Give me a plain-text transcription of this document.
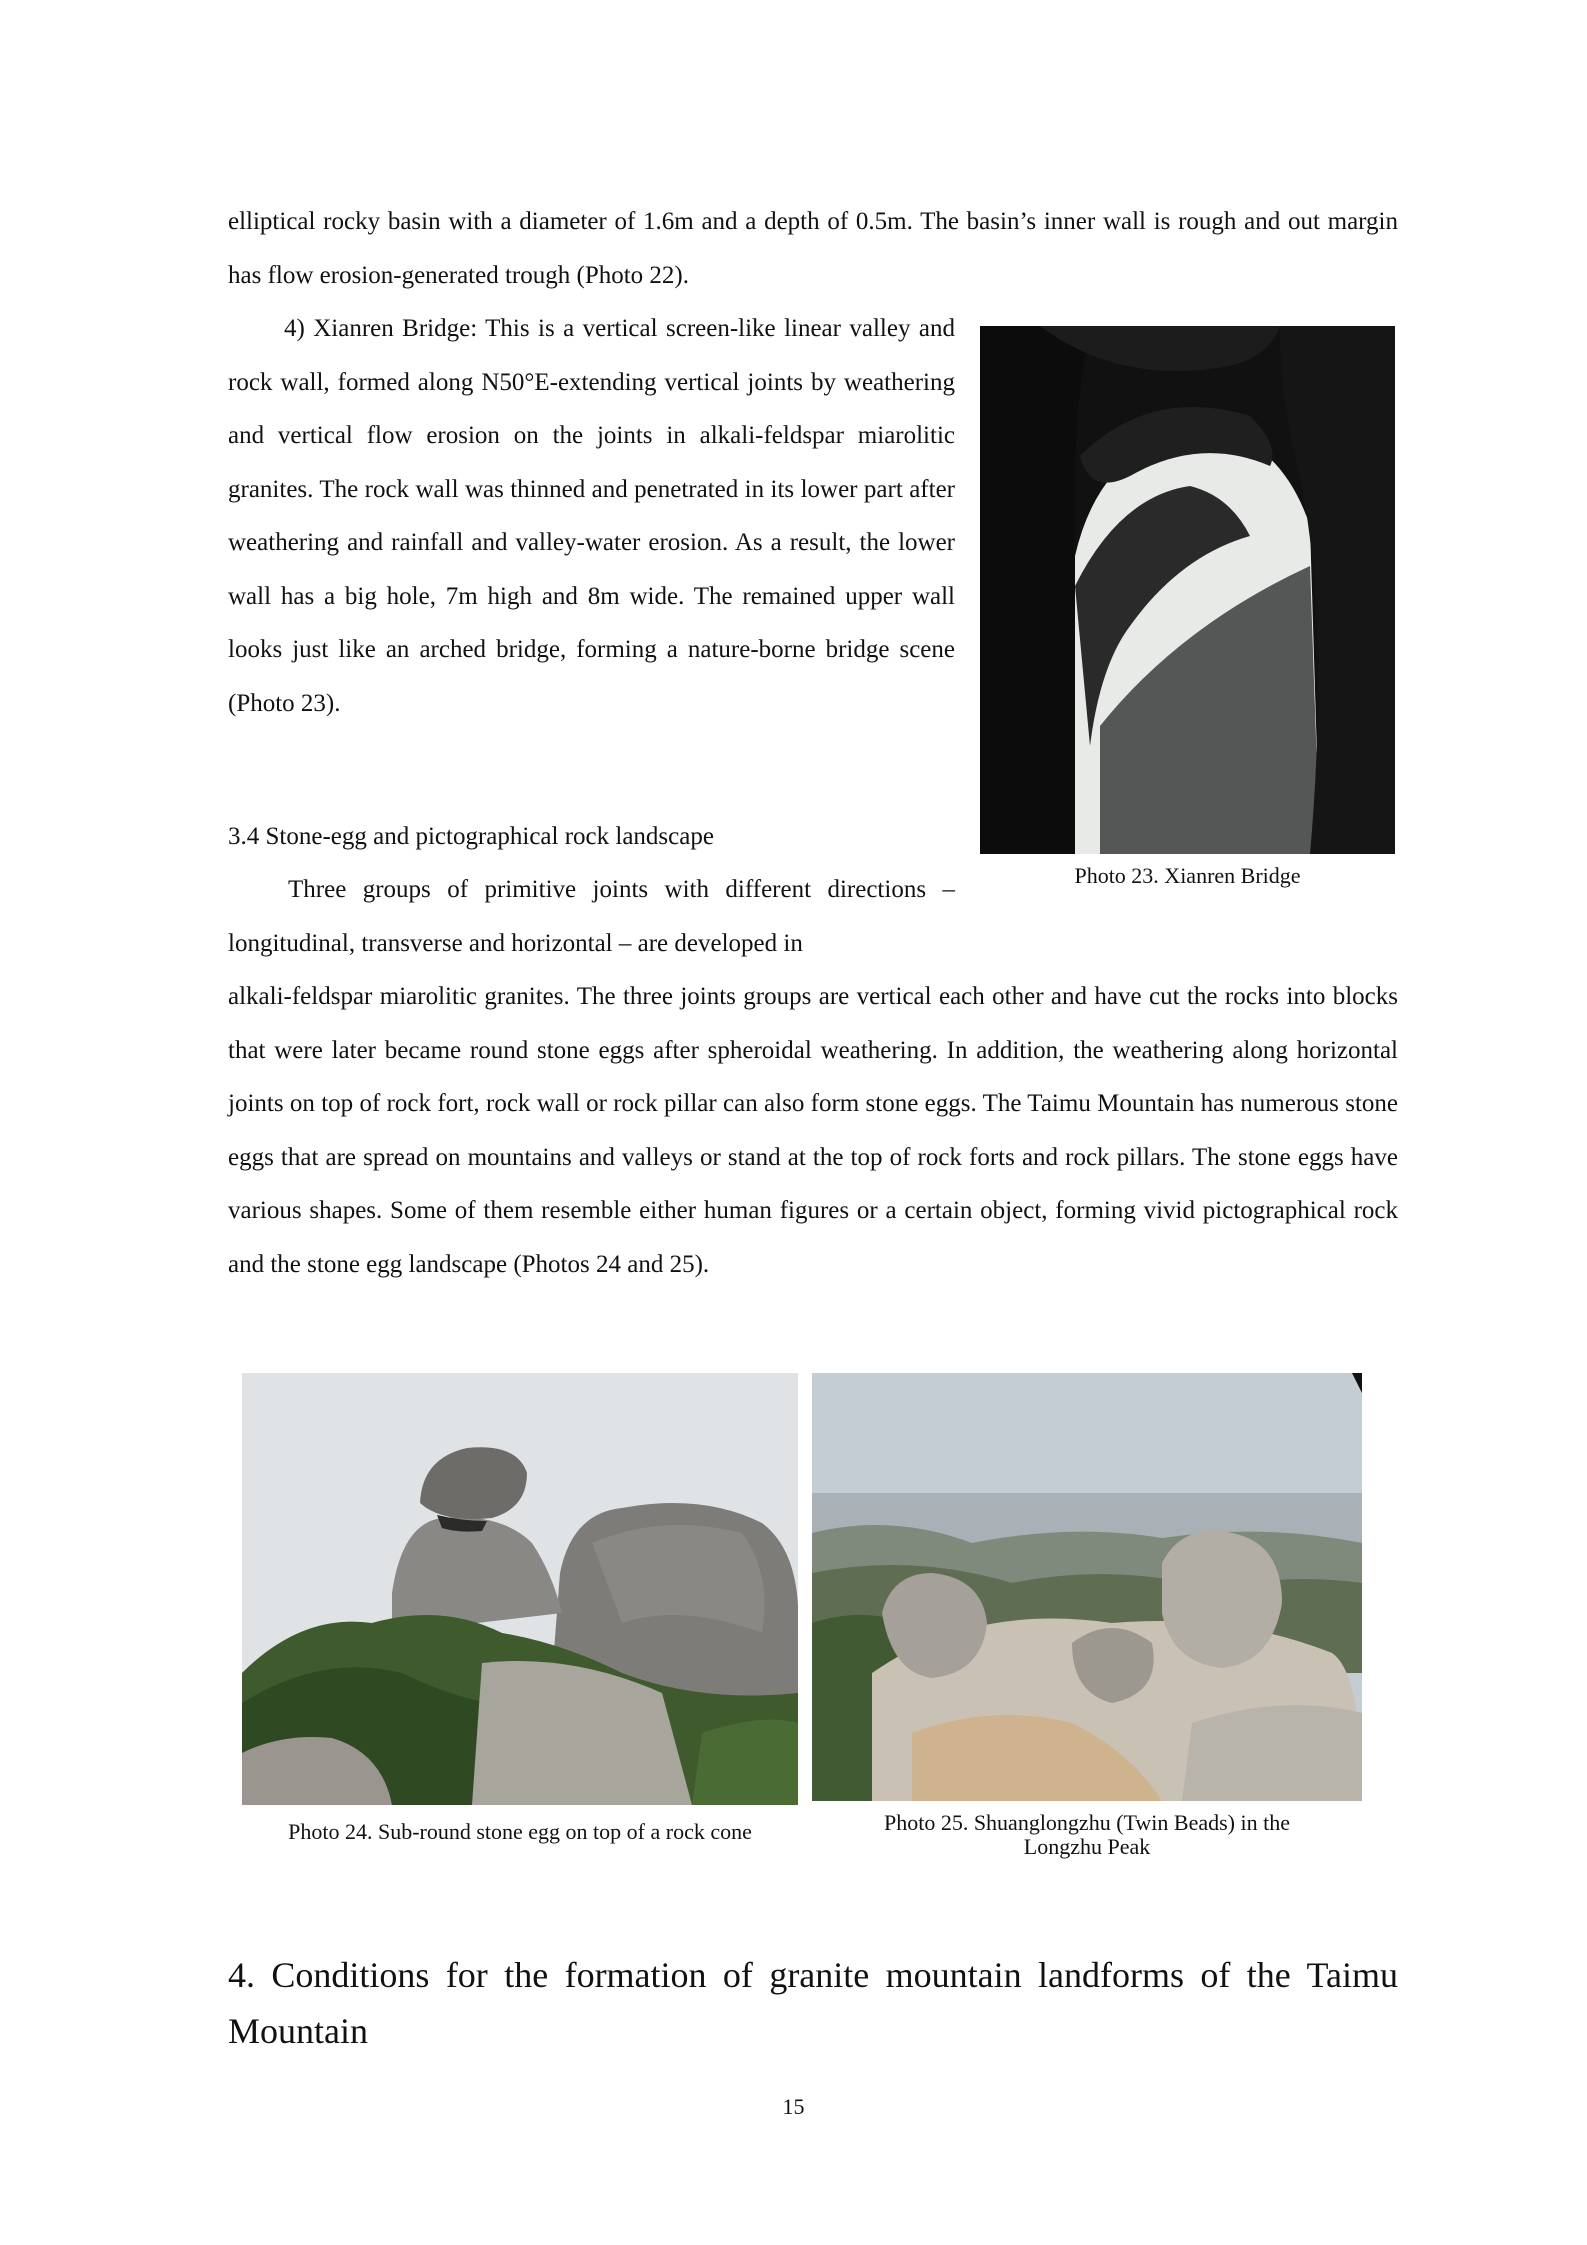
elliptical rocky basin with a diameter of 1.6m and a depth of 0.5m. The basin’s inner wall is rough and out margin has flow erosion-generated trough (Photo 22).

4) Xianren Bridge: This is a vertical screen-like linear valley and rock wall, formed along N50°E-extending vertical joints by weathering and vertical flow erosion on the joints in alkali-feldspar miarolitic granites. The rock wall was thinned and penetrated in its lower part after weathering and rainfall and valley-water erosion. As a result, the lower wall has a big hole, 7m high and 8m wide. The remained upper wall looks just like an arched bridge, forming a nature-borne bridge scene (Photo 23).

Photo 23. Xianren Bridge

3.4 Stone-egg and pictographical rock landscape

Three groups of primitive joints with different directions – longitudinal, transverse and horizontal – are developed in

alkali-feldspar miarolitic granites. The three joints groups are vertical each other and have cut the rocks into blocks that were later became round stone eggs after spheroidal weathering. In addition, the weathering along horizontal joints on top of rock fort, rock wall or rock pillar can also form stone eggs. The Taimu Mountain has numerous stone eggs that are spread on mountains and valleys or stand at the top of rock forts and rock pillars. The stone eggs have various shapes. Some of them resemble either human figures or a certain object, forming vivid pictographical rock and the stone egg landscape (Photos 24 and 25).

Photo 24. Sub-round stone egg on top of a rock cone	Photo 25. Shuanglongzhu (Twin Beads) in the
Longzhu Peak

4. Conditions for the formation of granite mountain landforms of the Taimu Mountain
15
